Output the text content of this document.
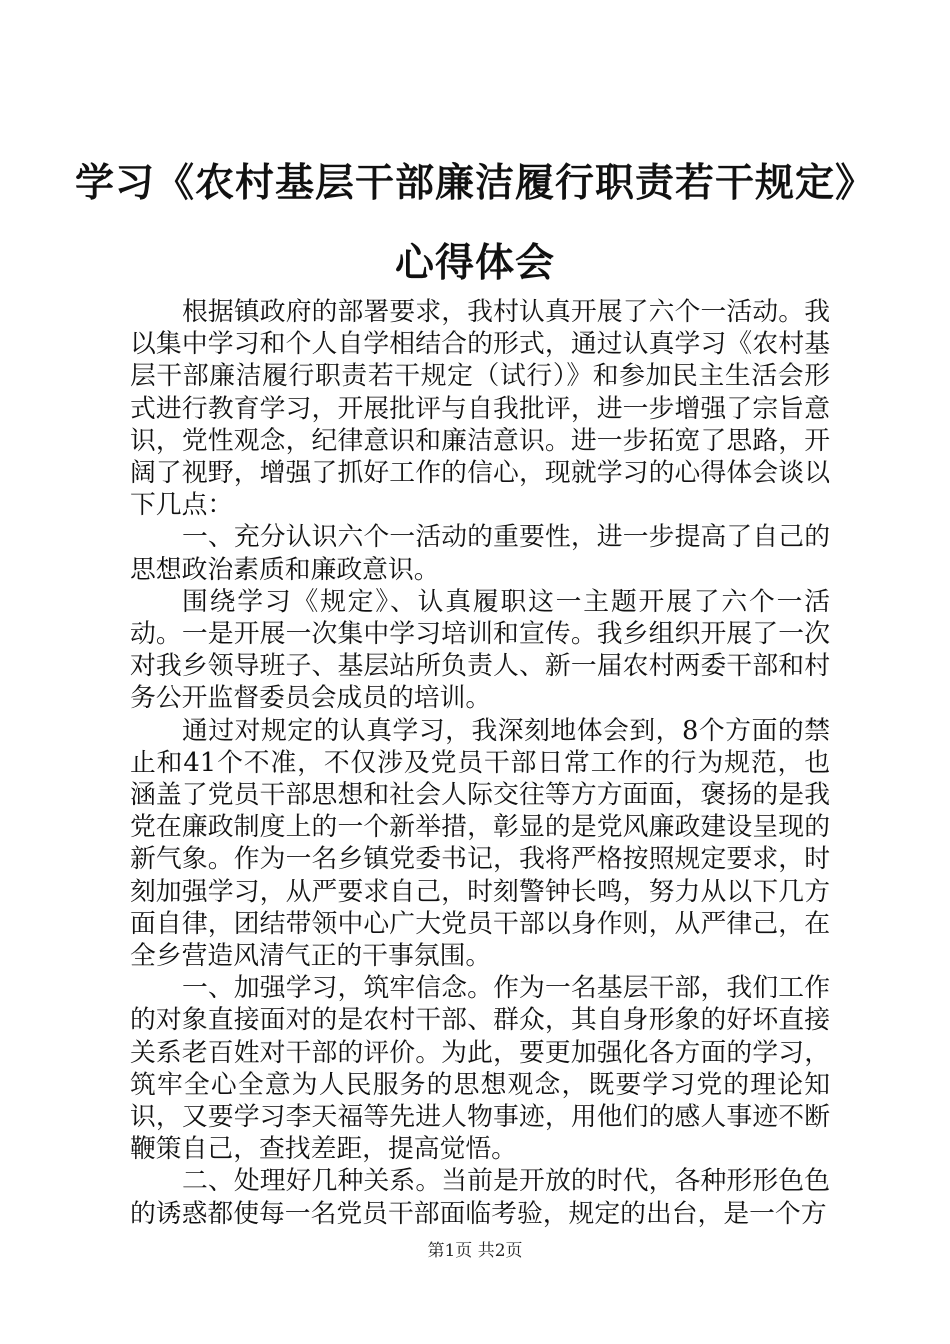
学习《农村基层干部廉洁履行职责若干规定》
心得体会

根据镇政府的部署要求，我村认真开展了六个一活动。我以集中学习和个人自学相结合的形式，通过认真学习《农村基层干部廉洁履行职责若干规定（试行）》和参加民主生活会形式进行教育学习，开展批评与自我批评，进一步增强了宗旨意识，党性观念，纪律意识和廉洁意识。进一步拓宽了思路，开阔了视野，增强了抓好工作的信心，现就学习的心得体会谈以下几点：

一、充分认识六个一活动的重要性，进一步提高了自己的思想政治素质和廉政意识。

围绕学习《规定》、认真履职这一主题开展了六个一活动。一是开展一次集中学习培训和宣传。我乡组织开展了一次对我乡领导班子、基层站所负责人、新一届农村两委干部和村务公开监督委员会成员的培训。

通过对规定的认真学习，我深刻地体会到，8个方面的禁止和41个不准，不仅涉及党员干部日常工作的行为规范，也涵盖了党员干部思想和社会人际交往等方方面面，褒扬的是我党在廉政制度上的一个新举措，彰显的是党风廉政建设呈现的新气象。作为一名乡镇党委书记，我将严格按照规定要求，时刻加强学习，从严要求自己，时刻警钟长鸣，努力从以下几方面自律，团结带领中心广大党员干部以身作则，从严律己，在全乡营造风清气正的干事氛围。

一、加强学习，筑牢信念。作为一名基层干部，我们工作的对象直接面对的是农村干部、群众，其自身形象的好坏直接关系老百姓对干部的评价。为此，要更加强化各方面的学习，筑牢全心全意为人民服务的思想观念，既要学习党的理论知识，又要学习李天福等先进人物事迹，用他们的感人事迹不断鞭策自己，查找差距，提高觉悟。

二、处理好几种关系。当前是开放的时代，各种形形色色的诱惑都使每一名党员干部面临考验，规定的出台，是一个方

第1页 共2页
